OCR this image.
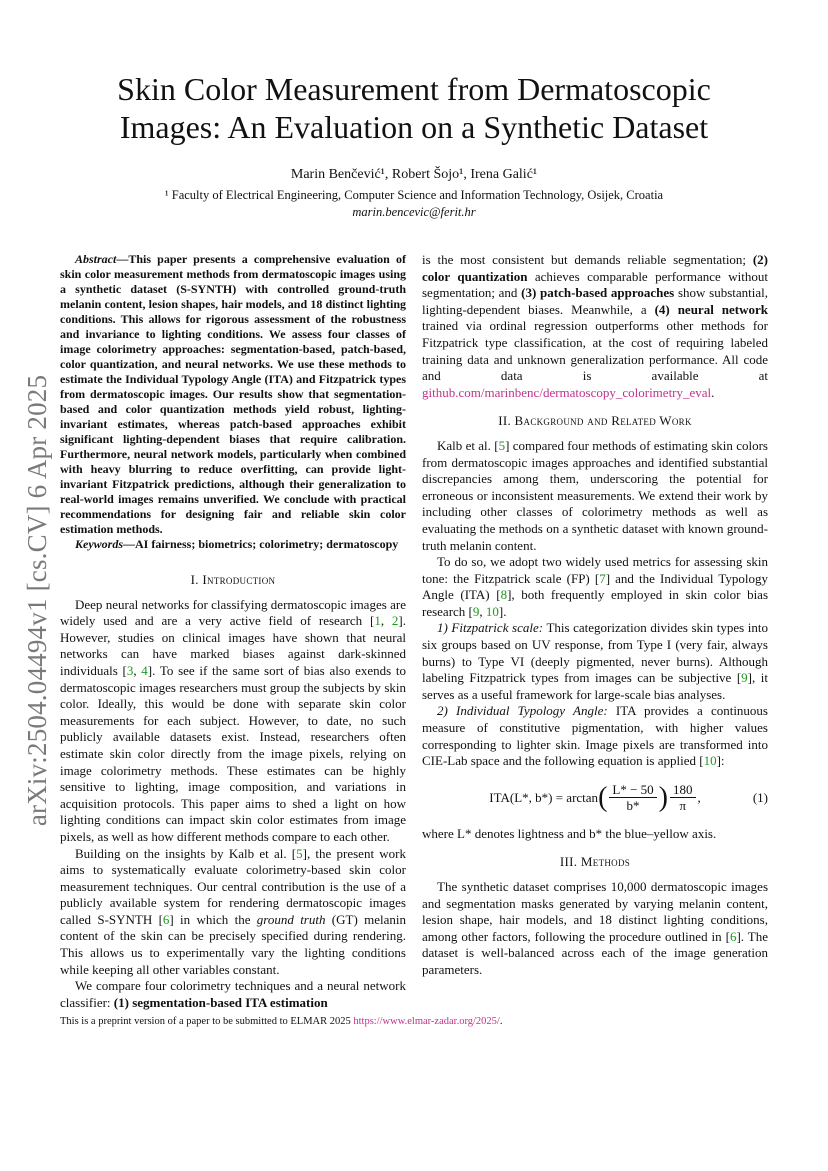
arXiv:2504.04494v1 [cs.CV] 6 Apr 2025
Skin Color Measurement from Dermatoscopic
Images: An Evaluation on a Synthetic Dataset
Marin Benčević¹, Robert Šojo¹, Irena Galić¹
¹ Faculty of Electrical Engineering, Computer Science and Information Technology, Osijek, Croatia
marin.bencevic@ferit.hr

Abstract—This paper presents a comprehensive evaluation of skin color measurement methods from dermatoscopic images using a synthetic dataset (S-SYNTH) with controlled ground-truth melanin content, lesion shapes, hair models, and 18 distinct lighting conditions. This allows for rigorous assessment of the robustness and invariance to lighting conditions. We assess four classes of image colorimetry approaches: segmentation-based, patch-based, color quantization, and neural networks. We use these methods to estimate the Individual Typology Angle (ITA) and Fitzpatrick types from dermatoscopic images. Our results show that segmentation-based and color quantization methods yield robust, lighting-invariant estimates, whereas patch-based approaches exhibit significant lighting-dependent biases that require calibration. Furthermore, neural network models, particularly when combined with heavy blurring to reduce overfitting, can provide light-invariant Fitzpatrick predictions, although their generalization to real-world images remains unverified. We conclude with practical recommendations for designing fair and reliable skin color estimation methods.

Keywords—AI fairness; biometrics; colorimetry; dermatoscopy

I. Introduction

Deep neural networks for classifying dermatoscopic images are widely used and are a very active field of research [1, 2]. However, studies on clinical images have shown that neural networks can have marked biases against dark-skinned individuals [3, 4]. To see if the same sort of bias also exends to dermatoscopic images researchers must group the subjects by skin color. Ideally, this would be done with separate skin color measurements for each subject. However, to date, no such publicly available datasets exist. Instead, researchers often estimate skin color directly from the image pixels, relying on image colorimetry methods. These estimates can be highly sensitive to lighting, image composition, and variations in acquisition protocols. This paper aims to shed a light on how lighting conditions can impact skin color estimates from image pixels, as well as how different methods compare to each other.

Building on the insights by Kalb et al. [5], the present work aims to systematically evaluate colorimetry-based skin color measurement techniques. Our central contribution is the use of a publicly available system for rendering dermatoscopic images called S-SYNTH [6] in which the ground truth (GT) melanin content of the skin can be precisely specified during rendering. This allows us to experimentally vary the lighting conditions while keeping all other variables constant.

We compare four colorimetry techniques and a neural network classifier: (1) segmentation-based ITA estimation

is the most consistent but demands reliable segmentation; (2) color quantization achieves comparable performance without segmentation; and (3) patch-based approaches show substantial, lighting-dependent biases. Meanwhile, a (4) neural network trained via ordinal regression outperforms other methods for Fitzpatrick type classification, at the cost of requiring labeled training data and unknown generalization performance. All code and data is available at github.com/marinbenc/dermatoscopy_colorimetry_eval.

II. Background and Related Work

Kalb et al. [5] compared four methods of estimating skin colors from dermatoscopic images approaches and identified substantial discrepancies among them, underscoring the potential for erroneous or inconsistent measurements. We extend their work by including other classes of colorimetry methods as well as evaluating the methods on a synthetic dataset with known ground-truth melanin content.

To do so, we adopt two widely used metrics for assessing skin tone: the Fitzpatrick scale (FP) [7] and the Individual Typology Angle (ITA) [8], both frequently employed in skin color bias research [9, 10].

1) Fitzpatrick scale: This categorization divides skin types into six groups based on UV response, from Type I (very fair, always burns) to Type VI (deeply pigmented, never burns). Although labeling Fitzpatrick types from images can be subjective [9], it serves as a useful framework for large-scale bias analyses.

2) Individual Typology Angle: ITA provides a continuous measure of constitutive pigmentation, with higher values corresponding to lighter skin. Image pixels are transformed into CIE-Lab space and the following equation is applied [10]:

ITA(L*, b*) = arctan ( $\frac{L* - 50}{b*}$ ) $\frac{180}{\pi}$ ,	(1)

where L* denotes lightness and b* the blue–yellow axis.

III. Methods

The synthetic dataset comprises 10,000 dermatoscopic images and segmentation masks generated by varying melanin content, lesion shape, hair models, and 18 distinct lighting conditions, among other factors, following the procedure outlined in [6]. The dataset is well-balanced across each of the image generation parameters.

This is a preprint version of a paper to be submitted to ELMAR 2025 https://www.elmar-zadar.org/2025/.
